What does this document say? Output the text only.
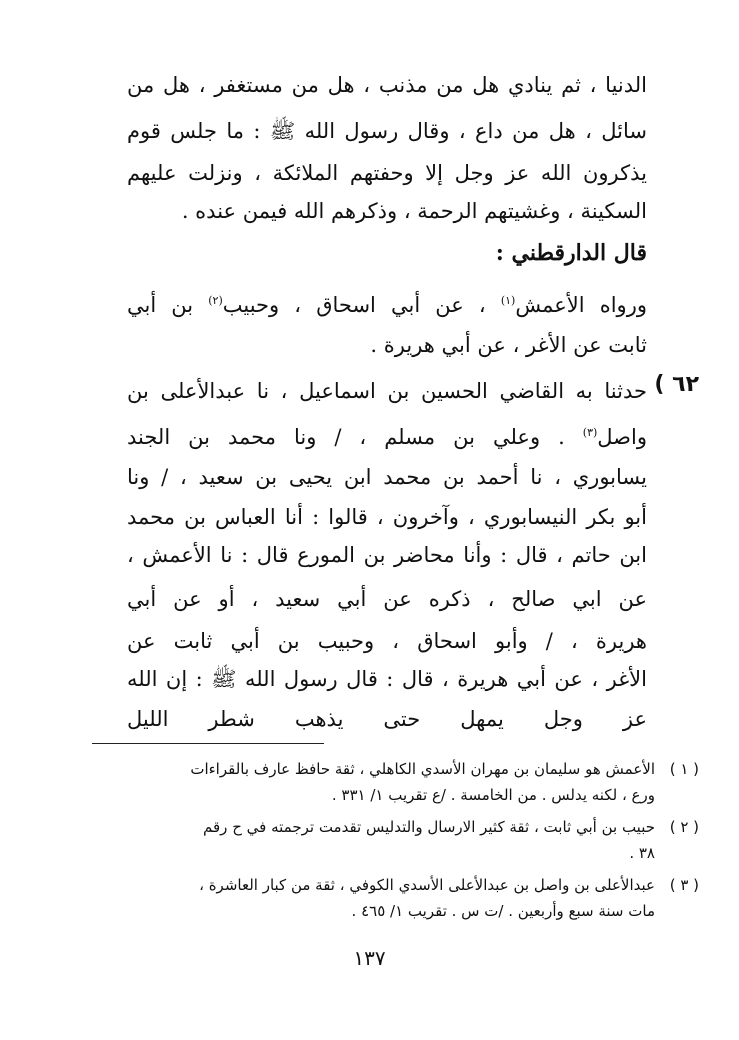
الدنيا ، ثم ينادي هل من مذنب ، هل من مستغفر ، هل من
سائل ، هل من داع ، وقال رسول الله ﷺ : ما جلس قوم
يذكرون الله عز وجل إلا وحفتهم الملائكة ، ونزلت عليهم
السكينة ، وغشيتهم الرحمة ، وذكرهم الله فيمن عنده .
قال الدارقطني :
ورواه الأعمش$^{(١)}$ ، عن أبي اسحاق ، وحبيب$^{(٢)}$ بن أبي
ثابت عن الأغر ، عن أبي هريرة .
حدثنا به القاضي الحسين بن اسماعيل ، نا عبدالأعلى بن
واصل$^{(٣)}$ . وعلي بن مسلم ، / ونا محمد بن الجند
يسابوري ، نا أحمد بن محمد ابن يحيى بن سعيد ، / ونا
أبو بكر النيسابوري ، وآخرون ، قالوا : أنا العباس بن محمد
ابن حاتم ، قال : وأنا محاضر بن المورع قال : نا الأعمش ،
عن ابي صالح ، ذكره عن أبي سعيد ، أو عن أبي
هريرة ، / وأبو اسحاق ، وحبيب بن أبي ثابت عن
الأغر ، عن أبي هريرة ، قال : قال رسول الله ﷺ : إن الله
عز وجل يمهل حتى يذهب شطر الليل
٦٢ )
( ١ )الأعمش هو سليمان بن مهران الأسدي الكاهلي ، ثقة حافظ عارف بالقراءات
ورع ، لكنه يدلس . من الخامسة . /ع تقريب ١/ ٣٣١ .
( ٢ )حبيب بن أبي ثابت ، ثقة كثير الارسال والتدليس تقدمت ترجمته في ح رقم
٣٨ .
( ٣ )عبدالأعلى بن واصل بن عبدالأعلى الأسدي الكوفي ، ثقة من كبار العاشرة ،
مات سنة سبع وأربعين . /ت س . تقريب ١/ ٤٦٥ .
١٣٧
